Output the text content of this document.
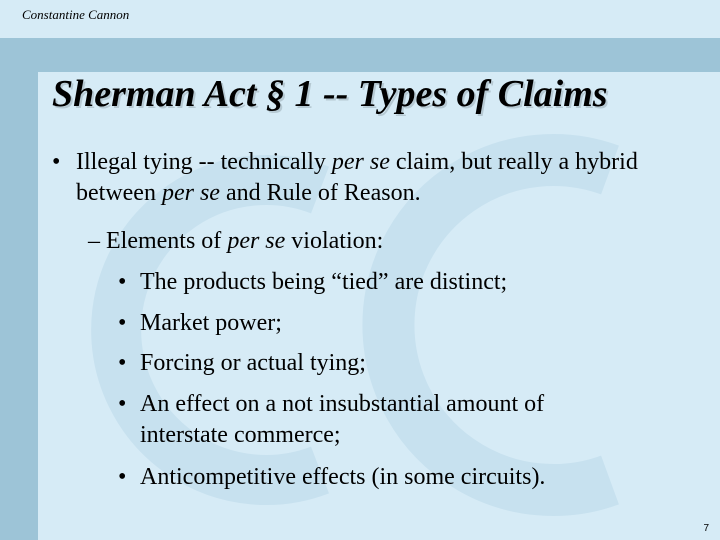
Constantine Cannon
Sherman Act § 1 -- Types of Claims
• Illegal tying -- technically per se claim, but really a hybrid between per se and Rule of Reason.
– Elements of per se violation:
• The products being “tied” are distinct;
• Market power;
• Forcing or actual tying;
• An effect on a not insubstantial amount of interstate commerce;
• Anticompetitive effects (in some circuits).
7
